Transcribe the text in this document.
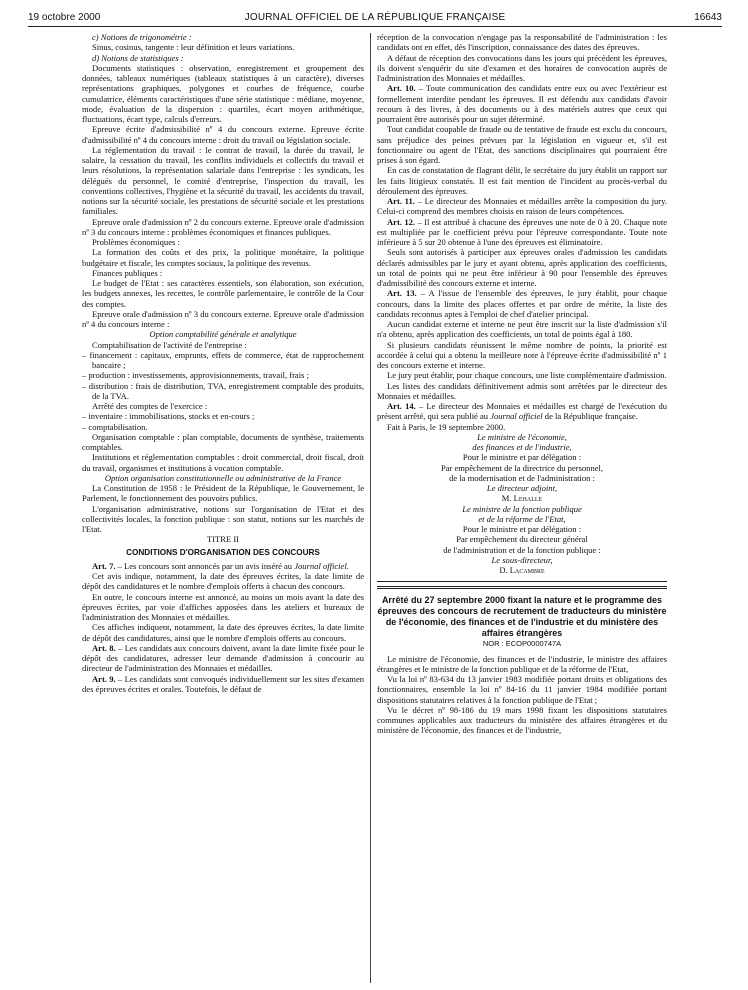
19 octobre 2000	JOURNAL OFFICIEL DE LA RÉPUBLIQUE FRANÇAISE	16643

c) Notions de trigonométrie :

Sinus, cosinus, tangente : leur définition et leurs variations.

d) Notions de statistiques :

Documents statistiques : observation, enregistrement et groupement des données, tableaux numériques (tableaux statistiques à un caractère), diverses représentations graphiques, polygones et courbes de fréquence, courbe cumulatrice, éléments caractéristiques d'une série statistique : médiane, moyenne, mode, évaluation de la dispersion : quartiles, écart moyen arithmétique, fluctuations, écart type, calculs d'erreurs.

Epreuve écrite d'admissibilité nº 4 du concours externe. Epreuve écrite d'admissibilité nº 4 du concours interne : droit du travail ou législation sociale.

La réglementation du travail : le contrat de travail, la durée du travail, le salaire, la cessation du travail, les conflits individuels et collectifs du travail et leurs résolutions, la représentation salariale dans l'entreprise : les syndicats, les délégués du personnel, le comité d'entreprise, l'inspection du travail, les conventions collectives, l'hygiène et la sécurité du travail, les accidents du travail, notions sur la sécurité sociale, les prestations de sécurité sociale et les prestations familiales.

Epreuve orale d'admission nº 2 du concours externe. Epreuve orale d'admission nº 3 du concours interne : problèmes économiques et finances publiques.

Problèmes économiques :

La formation des coûts et des prix, la politique monétaire, la politique budgétaire et fiscale, les comptes sociaux, la politique des revenus.

Finances publiques :

Le budget de l'Etat : ses caractères essentiels, son élaboration, son exécution, les budgets annexes, les recettes, le contrôle parlementaire, le contrôle de la Cour des comptes.

Epreuve orale d'admission nº 3 du concours externe. Epreuve orale d'admission nº 4 du concours interne :

Option comptabilité générale et analytique

Comptabilisation de l'activité de l'entreprise :

– financement : capitaux, emprunts, effets de commerce, état de rapprochement bancaire ;

– production : investissements, approvisionnements, travail, frais ;

– distribution : frais de distribution, TVA, enregistrement comptable des produits, de la TVA.

Arrêté des comptes de l'exercice :

– inventaire : immobilisations, stocks et en-cours ;

– comptabilisation.

Organisation comptable : plan comptable, documents de synthèse, traitements comptables.

Institutions et réglementation comptables : droit commercial, droit fiscal, droit du travail, organismes et institutions à vocation comptable.

Option organisation constitutionnelle ou administrative de la France

La Constitution de 1958 : le Président de la République, le Gouvernement, le Parlement, le fonctionnement des pouvoirs publics.

L'organisation administrative, notions sur l'organisation de l'Etat et des collectivités locales, la fonction publique : son statut, notions sur les marchés de l'Etat.

TITRE II

CONDITIONS D'ORGANISATION DES CONCOURS

Art. 7. – Les concours sont annoncés par un avis inséré au Journal officiel.

Cet avis indique, notamment, la date des épreuves écrites, la date limite de dépôt des candidatures et le nombre d'emplois offerts à chacun des concours.

En outre, le concours interne est annoncé, au moins un mois avant la date des épreuves écrites, par voie d'affiches apposées dans les ateliers et bureaux de l'administration des Monnaies et médailles.

Ces affiches indiquent, notamment, la date des épreuves écrites, la date limite de dépôt des candidatures, ainsi que le nombre d'emplois offerts au concours.

Art. 8. – Les candidats aux concours doivent, avant la date limite fixée pour le dépôt des candidatures, adresser leur demande d'admission à concourir au directeur de l'administration des Monnaies et médailles.

Art. 9. – Les candidats sont convoqués individuellement sur les sites d'examen des épreuves écrites et orales. Toutefois, le défaut de

réception de la convocation n'engage pas la responsabilité de l'administration : les candidats ont en effet, dès l'inscription, connaissance des dates des épreuves.

A défaut de réception des convocations dans les jours qui précèdent les épreuves, ils doivent s'enquérir du site d'examen et des horaires de convocation auprès de l'administration des Monnaies et médailles.

Art. 10. – Toute communication des candidats entre eux ou avec l'extérieur est formellement interdite pendant les épreuves. Il est défendu aux candidats d'avoir recours à des livres, à des documents ou à des matériels autres que ceux qui pourraient être autorisés pour un sujet déterminé.

Tout candidat coupable de fraude ou de tentative de fraude est exclu du concours, sans préjudice des peines prévues par la législation en vigueur et, s'il est fonctionnaire ou agent de l'Etat, des sanctions disciplinaires qui pourraient être prises à son égard.

En cas de constatation de flagrant délit, le secrétaire du jury établit un rapport sur les faits litigieux constatés. Il est fait mention de l'incident au procès-verbal du déroulement des épreuves.

Art. 11. – Le directeur des Monnaies et médailles arrête la composition du jury. Celui-ci comprend des membres choisis en raison de leurs compétences.

Art. 12. – Il est attribué à chacune des épreuves une note de 0 à 20. Chaque note est multipliée par le coefficient prévu pour l'épreuve correspondante. Toute note inférieure à 5 sur 20 obtenue à l'une des épreuves est éliminatoire.

Seuls sont autorisés à participer aux épreuves orales d'admission les candidats déclarés admissibles par le jury et ayant obtenu, après application des coefficients, un total de points qui ne peut être inférieur à 90 pour l'ensemble des épreuves d'admissibilité des concours externe et interne.

Art. 13. – A l'issue de l'ensemble des épreuves, le jury établit, pour chaque concours, dans la limite des places offertes et par ordre de mérite, la liste des candidats reconnus aptes à l'emploi de chef d'atelier principal.

Aucun candidat externe et interne ne peut être inscrit sur la liste d'admission s'il n'a obtenu, après application des coefficients, un total de points égal à 180.

Si plusieurs candidats réunissent le même nombre de points, la priorité est accordée à celui qui a obtenu la meilleure note à l'épreuve écrite d'admissibilité nº 1 des concours externe et interne.

Le jury peut établir, pour chaque concours, une liste complémentaire d'admission.

Les listes des candidats définitivement admis sont arrêtées par le directeur des Monnaies et médailles.

Art. 14. – Le directeur des Monnaies et médailles est chargé de l'exécution du présent arrêté, qui sera publié au Journal officiel de la République française.

Fait à Paris, le 19 septembre 2000.

Le ministre de l'économie,
des finances et de l'industrie,
Pour le ministre et par délégation :
Par empêchement de la directrice du personnel,
de la modernisation et de l'administration :
Le directeur adjoint,
M. Lehalle
Le ministre de la fonction publique
et de la réforme de l'Etat,
Pour le ministre et par délégation :
Par empêchement du directeur général
de l'administration et de la fonction publique :
Le sous-directeur,
D. Lacambre
Arrêté du 27 septembre 2000 fixant la nature et le programme des épreuves des concours de recrutement de traducteurs du ministère de l'économie, des finances et de l'industrie et du ministère des affaires étrangères
NOR : ECOP0000747A

Le ministre de l'économie, des finances et de l'industrie, le ministre des affaires étrangères et le ministre de la fonction publique et de la réforme de l'Etat,

Vu la loi nº 83-634 du 13 janvier 1983 modifiée portant droits et obligations des fonctionnaires, ensemble la loi nº 84-16 du 11 janvier 1984 modifiée portant dispositions statutaires relatives à la fonction publique de l'Etat ;

Vu le décret nº 98-186 du 19 mars 1998 fixant les dispositions statutaires communes applicables aux traducteurs du ministère des affaires étrangères et du ministère de l'économie, des finances et de l'industrie,
